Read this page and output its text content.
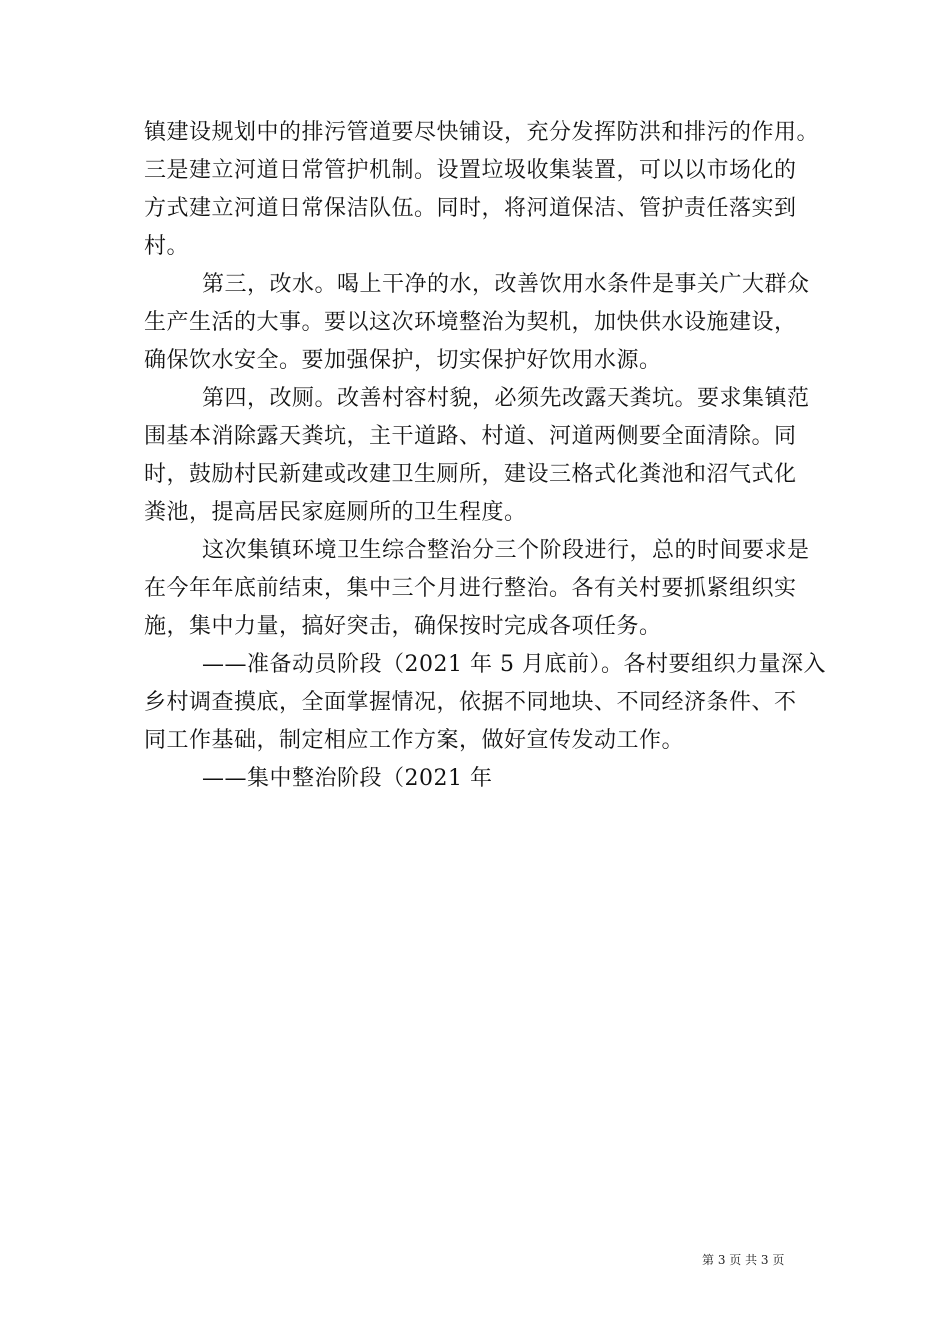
镇建设规划中的排污管道要尽快铺设，充分发挥防洪和排污的作用。
三是建立河道日常管护机制。设置垃圾收集装置，可以以市场化的
方式建立河道日常保洁队伍。同时，将河道保洁、管护责任落实到
村。
第三，改水。喝上干净的水，改善饮用水条件是事关广大群众
生产生活的大事。要以这次环境整治为契机，加快供水设施建设，
确保饮水安全。要加强保护，切实保护好饮用水源。
第四，改厕。改善村容村貌，必须先改露天粪坑。要求集镇范
围基本消除露天粪坑，主干道路、村道、河道两侧要全面清除。同
时，鼓励村民新建或改建卫生厕所，建设三格式化粪池和沼气式化
粪池，提高居民家庭厕所的卫生程度。
这次集镇环境卫生综合整治分三个阶段进行，总的时间要求是
在今年年底前结束，集中三个月进行整治。各有关村要抓紧组织实
施，集中力量，搞好突击，确保按时完成各项任务。
——准备动员阶段（2021 年 5 月底前）。各村要组织力量深入
乡村调查摸底，全面掌握情况，依据不同地块、不同经济条件、不
同工作基础，制定相应工作方案，做好宣传发动工作。
——集中整治阶段（2021 年
第 3 页 共 3 页
